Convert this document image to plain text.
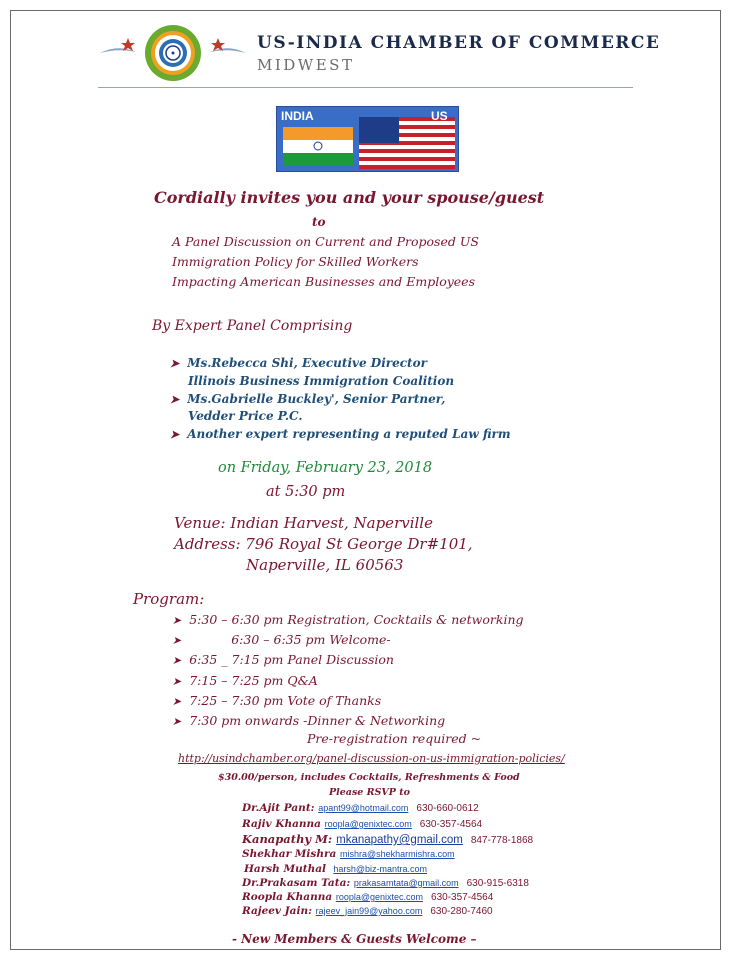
US-INDIA CHAMBER OF COMMERCE
MIDWEST
INDIA	US
Cordially invites you and your spouse/guest
to
A Panel Discussion on Current and Proposed US
Immigration Policy for Skilled Workers
Impacting American Businesses and Employees
By Expert Panel Comprising
➤ Ms.Rebecca Shi, Executive Director
Illinois Business Immigration Coalition
➤ Ms.Gabrielle Buckley', Senior Partner,
Vedder Price P.C.
➤ Another expert representing a reputed Law firm
on Friday, February 23, 2018
at 5:30 pm
Venue: Indian Harvest, Naperville
Address: 796 Royal St George Dr#101,
Naperville, IL 60563
Program:
➤ 5:30 – 6:30 pm Registration, Cocktails & networking
➤	6:30 – 6:35 pm Welcome-
➤ 6:35 _ 7:15 pm Panel Discussion
➤ 7:15 – 7:25 pm Q&A
➤ 7:25 – 7:30 pm Vote of Thanks
➤ 7:30 pm onwards -Dinner & Networking
Pre-registration required ~
http://usindchamber.org/panel-discussion-on-us-immigration-policies/
$30.00/person, includes Cocktails, Refreshments & Food
Please RSVP to
Dr.Ajit Pant: apant99@hotmail.com 630-660-0612
Rajiv Khanna roopla@genixtec.com 630-357-4564
Kanapathy M: mkanapathy@gmail.com 847-778-1868
Shekhar Mishra mishra@shekharmishra.com
Harsh Muthal harsh@biz-mantra.com
Dr.Prakasam Tata: prakasamtata@gmail.com 630-915-6318
Roopla Khanna roopla@genixtec.com 630-357-4564
Rajeev Jain: rajeev_jain99@yahoo.com 630-280-7460
- New Members & Guests Welcome –
